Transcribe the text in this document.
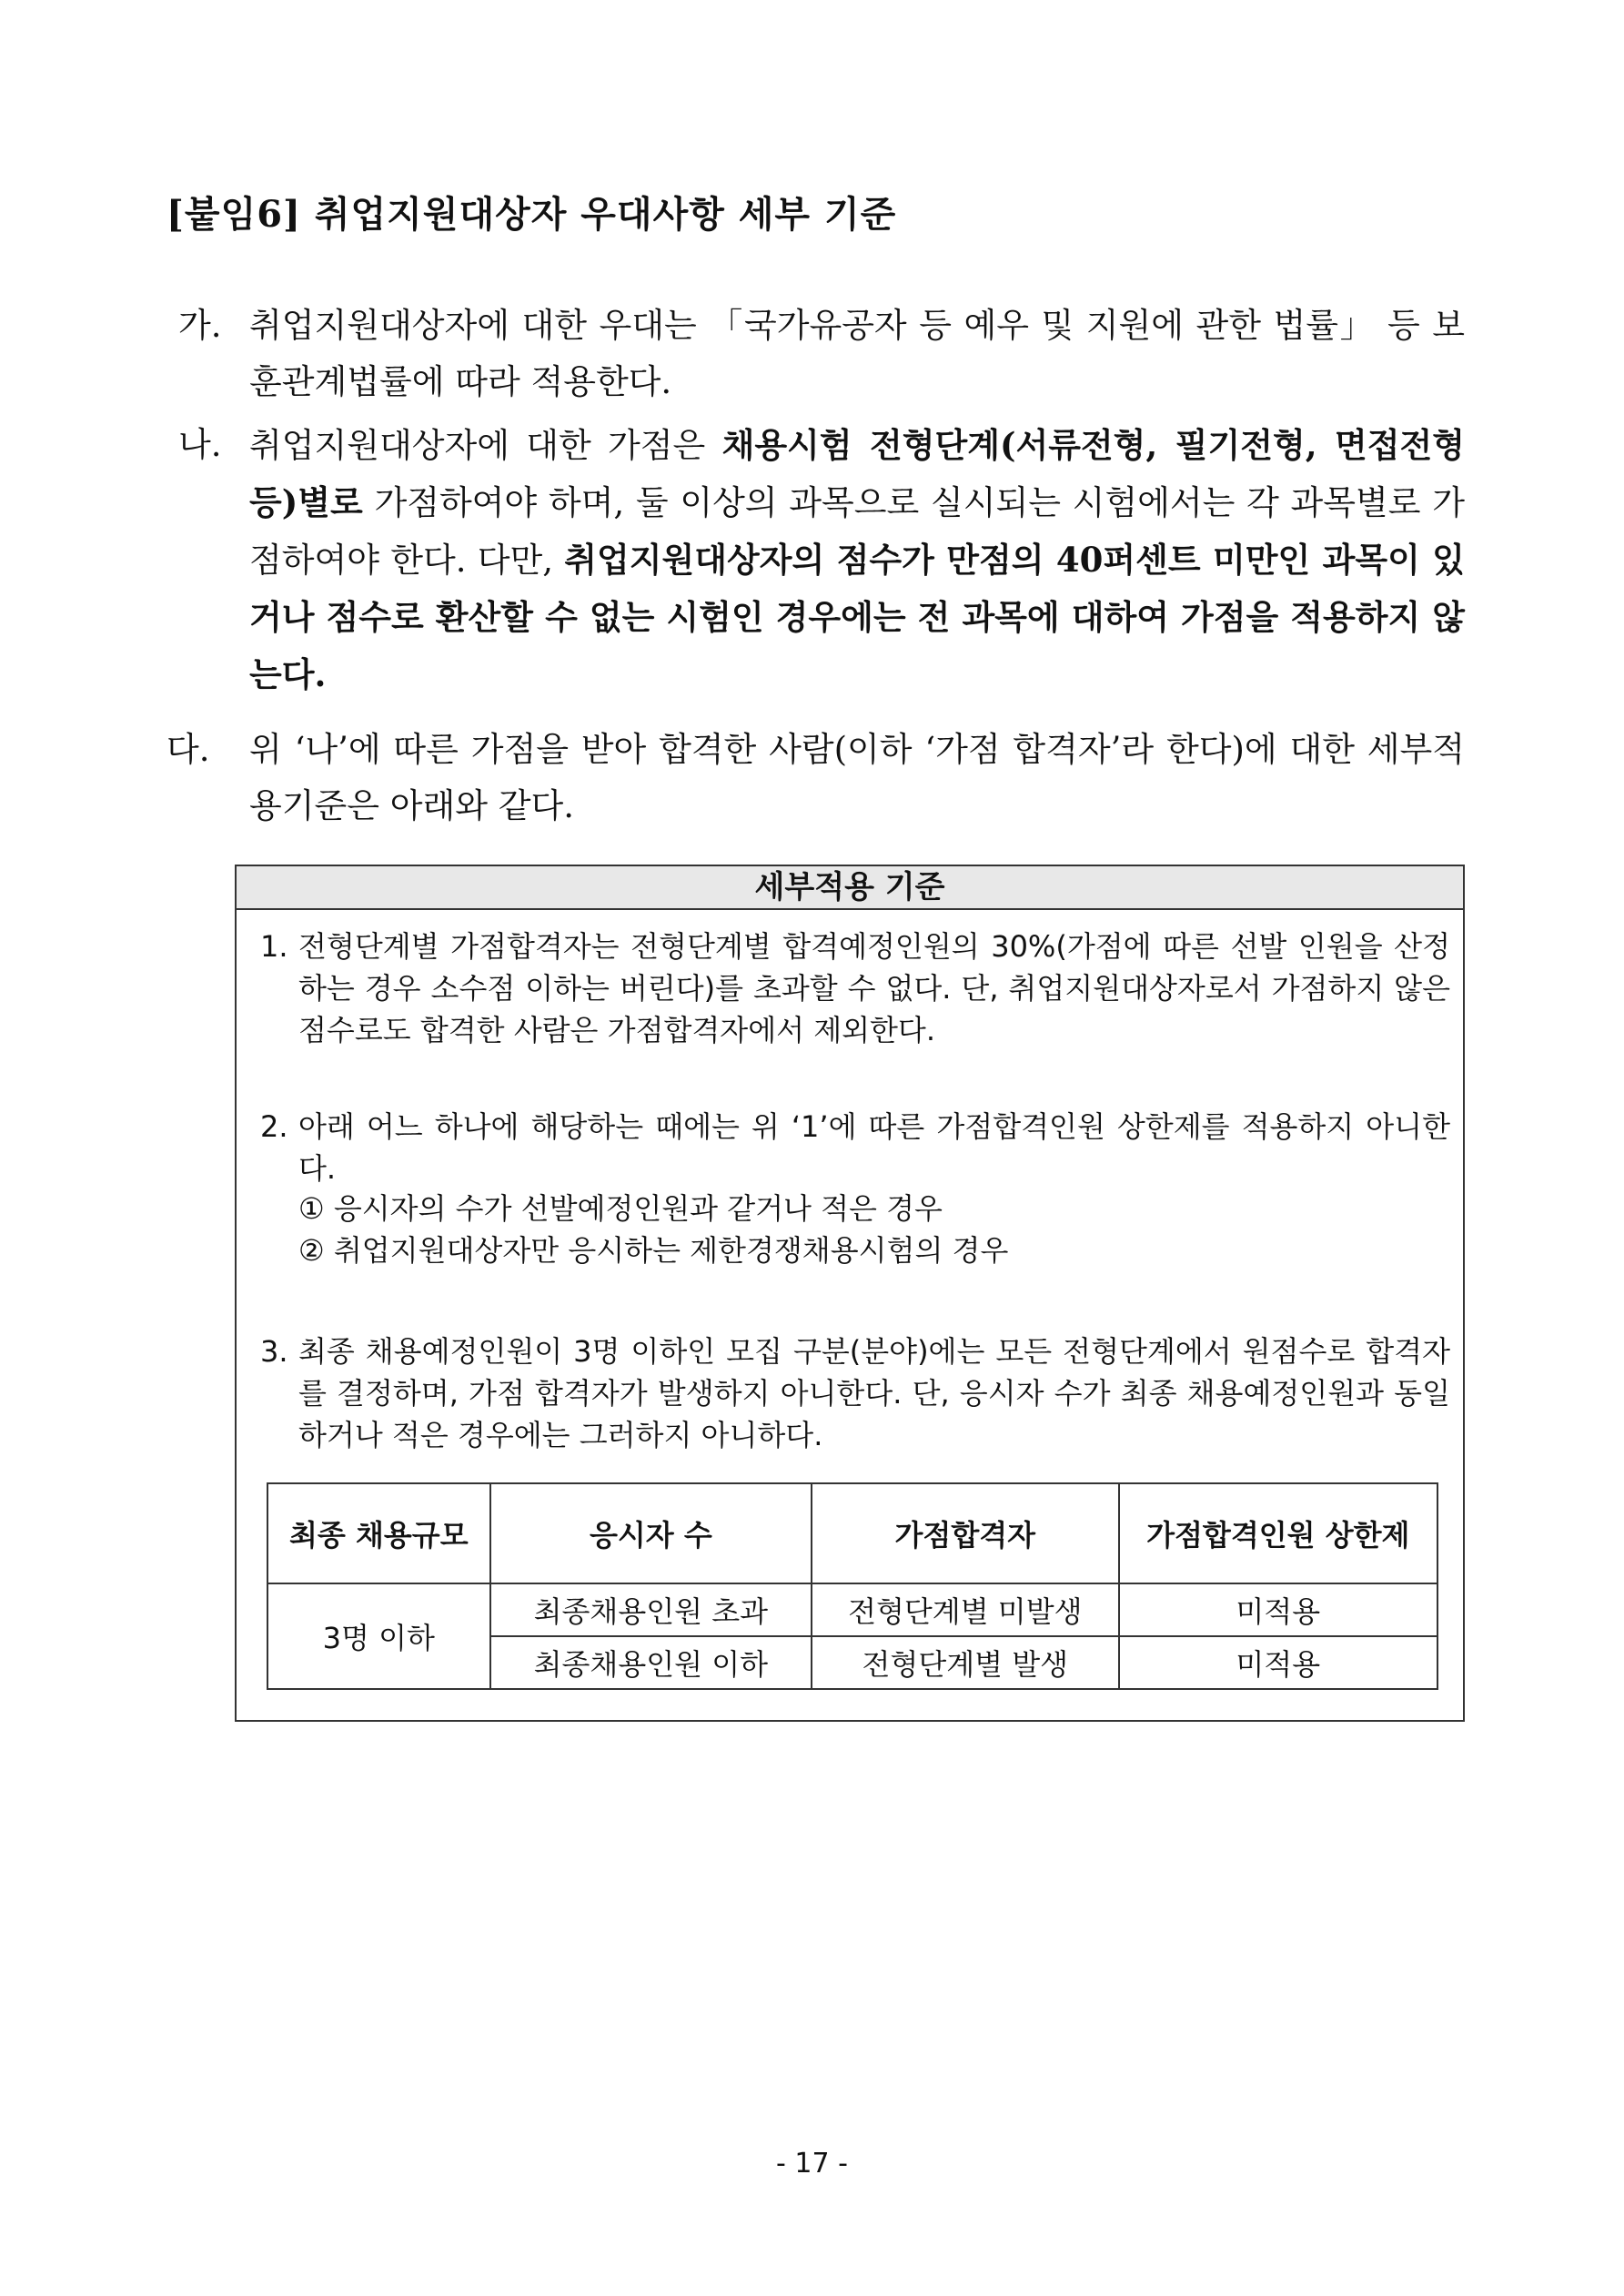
[붙임6] 취업지원대상자 우대사항 세부 기준
가. 취업지원대상자에 대한 우대는 「국가유공자 등 예우 및 지원에 관한 법률」 등 보훈관계법률에 따라 적용한다.
나. 취업지원대상자에 대한 가점은 채용시험 전형단계(서류전형, 필기전형, 면접전형 등)별로 가점하여야 하며, 둘 이상의 과목으로 실시되는 시험에서는 각 과목별로 가점하여야 한다. 다만, 취업지원대상자의 점수가 만점의 40퍼센트 미만인 과목이 있거나 점수로 환산할 수 없는 시험인 경우에는 전 과목에 대하여 가점을 적용하지 않는다.
다. 위 ‘나’에 따른 가점을 받아 합격한 사람(이하 ‘가점 합격자’라 한다)에 대한 세부적용기준은 아래와 같다.
세부적용 기준
1. 전형단계별 가점합격자는 전형단계별 합격예정인원의 30%(가점에 따른 선발 인원을 산정하는 경우 소수점 이하는 버린다)를 초과할 수 없다. 단, 취업지원대상자로서 가점하지 않은 점수로도 합격한 사람은 가점합격자에서 제외한다.
2. 아래 어느 하나에 해당하는 때에는 위 ‘1’에 따른 가점합격인원 상한제를 적용하지 아니한다.
① 응시자의 수가 선발예정인원과 같거나 적은 경우
② 취업지원대상자만 응시하는 제한경쟁채용시험의 경우
3. 최종 채용예정인원이 3명 이하인 모집 구분(분야)에는 모든 전형단계에서 원점수로 합격자를 결정하며, 가점 합격자가 발생하지 아니한다. 단, 응시자 수가 최종 채용예정인원과 동일하거나 적은 경우에는 그러하지 아니하다.
최종 채용규모	응시자 수	가점합격자	가점합격인원 상한제
3명 이하	최종채용인원 초과	전형단계별 미발생	미적용
	최종채용인원 이하	전형단계별 발생	미적용
- 17 -
